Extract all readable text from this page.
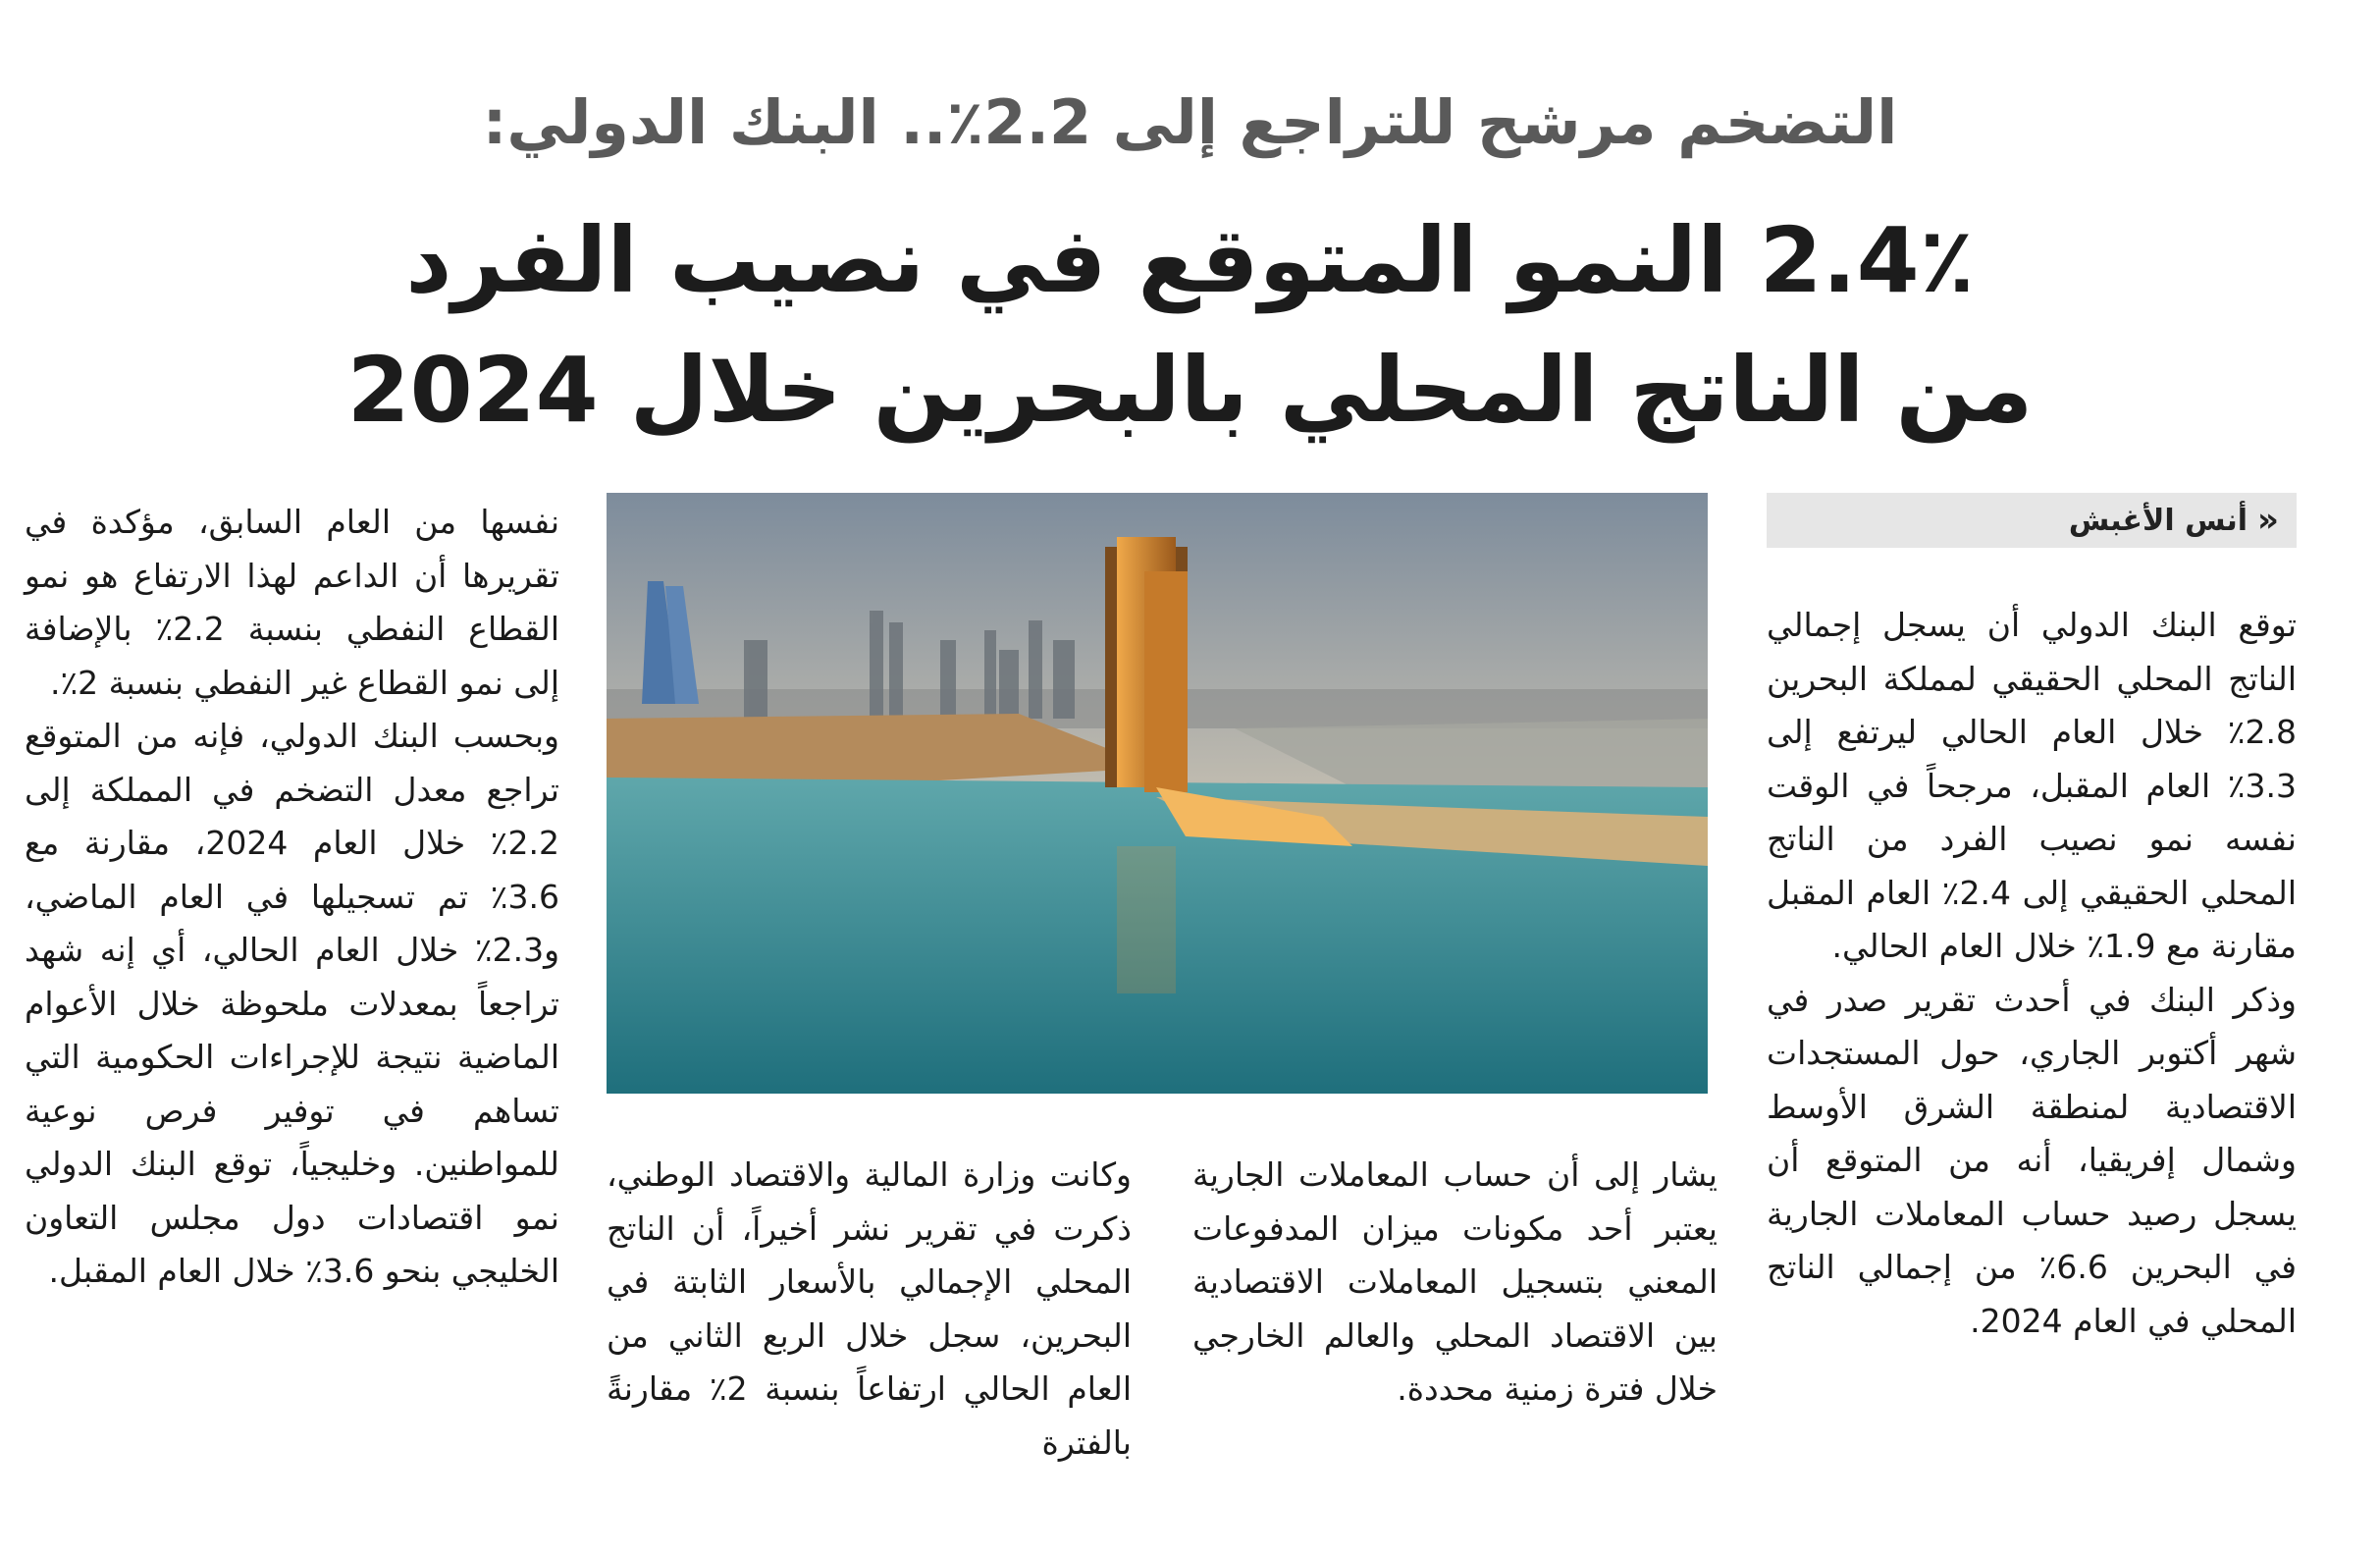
التضخم مرشح للتراجع إلى 2.2٪.. البنك الدولي:
2.4٪ النمو المتوقع في نصيب الفرد
من الناتج المحلي بالبحرين خلال 2024
«
أنس الأغبش

توقع البنك الدولي أن يسجل إجمالي الناتج المحلي الحقيقي لمملكة البحرين 2.8٪ خلال العام الحالي ليرتفع إلى 3.3٪ العام المقبل، مرجحاً في الوقت نفسه نمو نصيب الفرد من الناتج المحلي الحقيقي إلى 2.4٪ العام المقبل مقارنة مع 1.9٪ خلال العام الحالي.

وذكر البنك في أحدث تقرير صدر في شهر أكتوبر الجاري، حول المستجدات الاقتصادية لمنطقة الشرق الأوسط وشمال إفريقيا، أنه من المتوقع أن يسجل رصيد حساب المعاملات الجارية في البحرين 6.6٪ من إجمالي الناتج المحلي في العام 2024.

يشار إلى أن حساب المعاملات الجارية يعتبر أحد مكونات ميزان المدفوعات المعني بتسجيل المعاملات الاقتصادية بين الاقتصاد المحلي والعالم الخارجي خلال فترة زمنية محددة.

وكانت وزارة المالية والاقتصاد الوطني، ذكرت في تقرير نشر أخيراً، أن الناتج المحلي الإجمالي بالأسعار الثابتة في البحرين، سجل خلال الربع الثاني من العام الحالي ارتفاعاً بنسبة 2٪ مقارنةً بالفترة

نفسها من العام السابق، مؤكدة في تقريرها أن الداعم لهذا الارتفاع هو نمو القطاع النفطي بنسبة 2.2٪ بالإضافة إلى نمو القطاع غير النفطي بنسبة 2٪.

وبحسب البنك الدولي، فإنه من المتوقع تراجع معدل التضخم في المملكة إلى 2.2٪ خلال العام 2024، مقارنة مع 3.6٪ تم تسجيلها في العام الماضي، و2.3٪ خلال العام الحالي، أي إنه شهد تراجعاً بمعدلات ملحوظة خلال الأعوام الماضية نتيجة للإجراءات الحكومية التي تساهم في توفير فرص نوعية للمواطنين. وخليجياً، توقع البنك الدولي نمو اقتصادات دول مجلس التعاون الخليجي بنحو 3.6٪ خلال العام المقبل.
